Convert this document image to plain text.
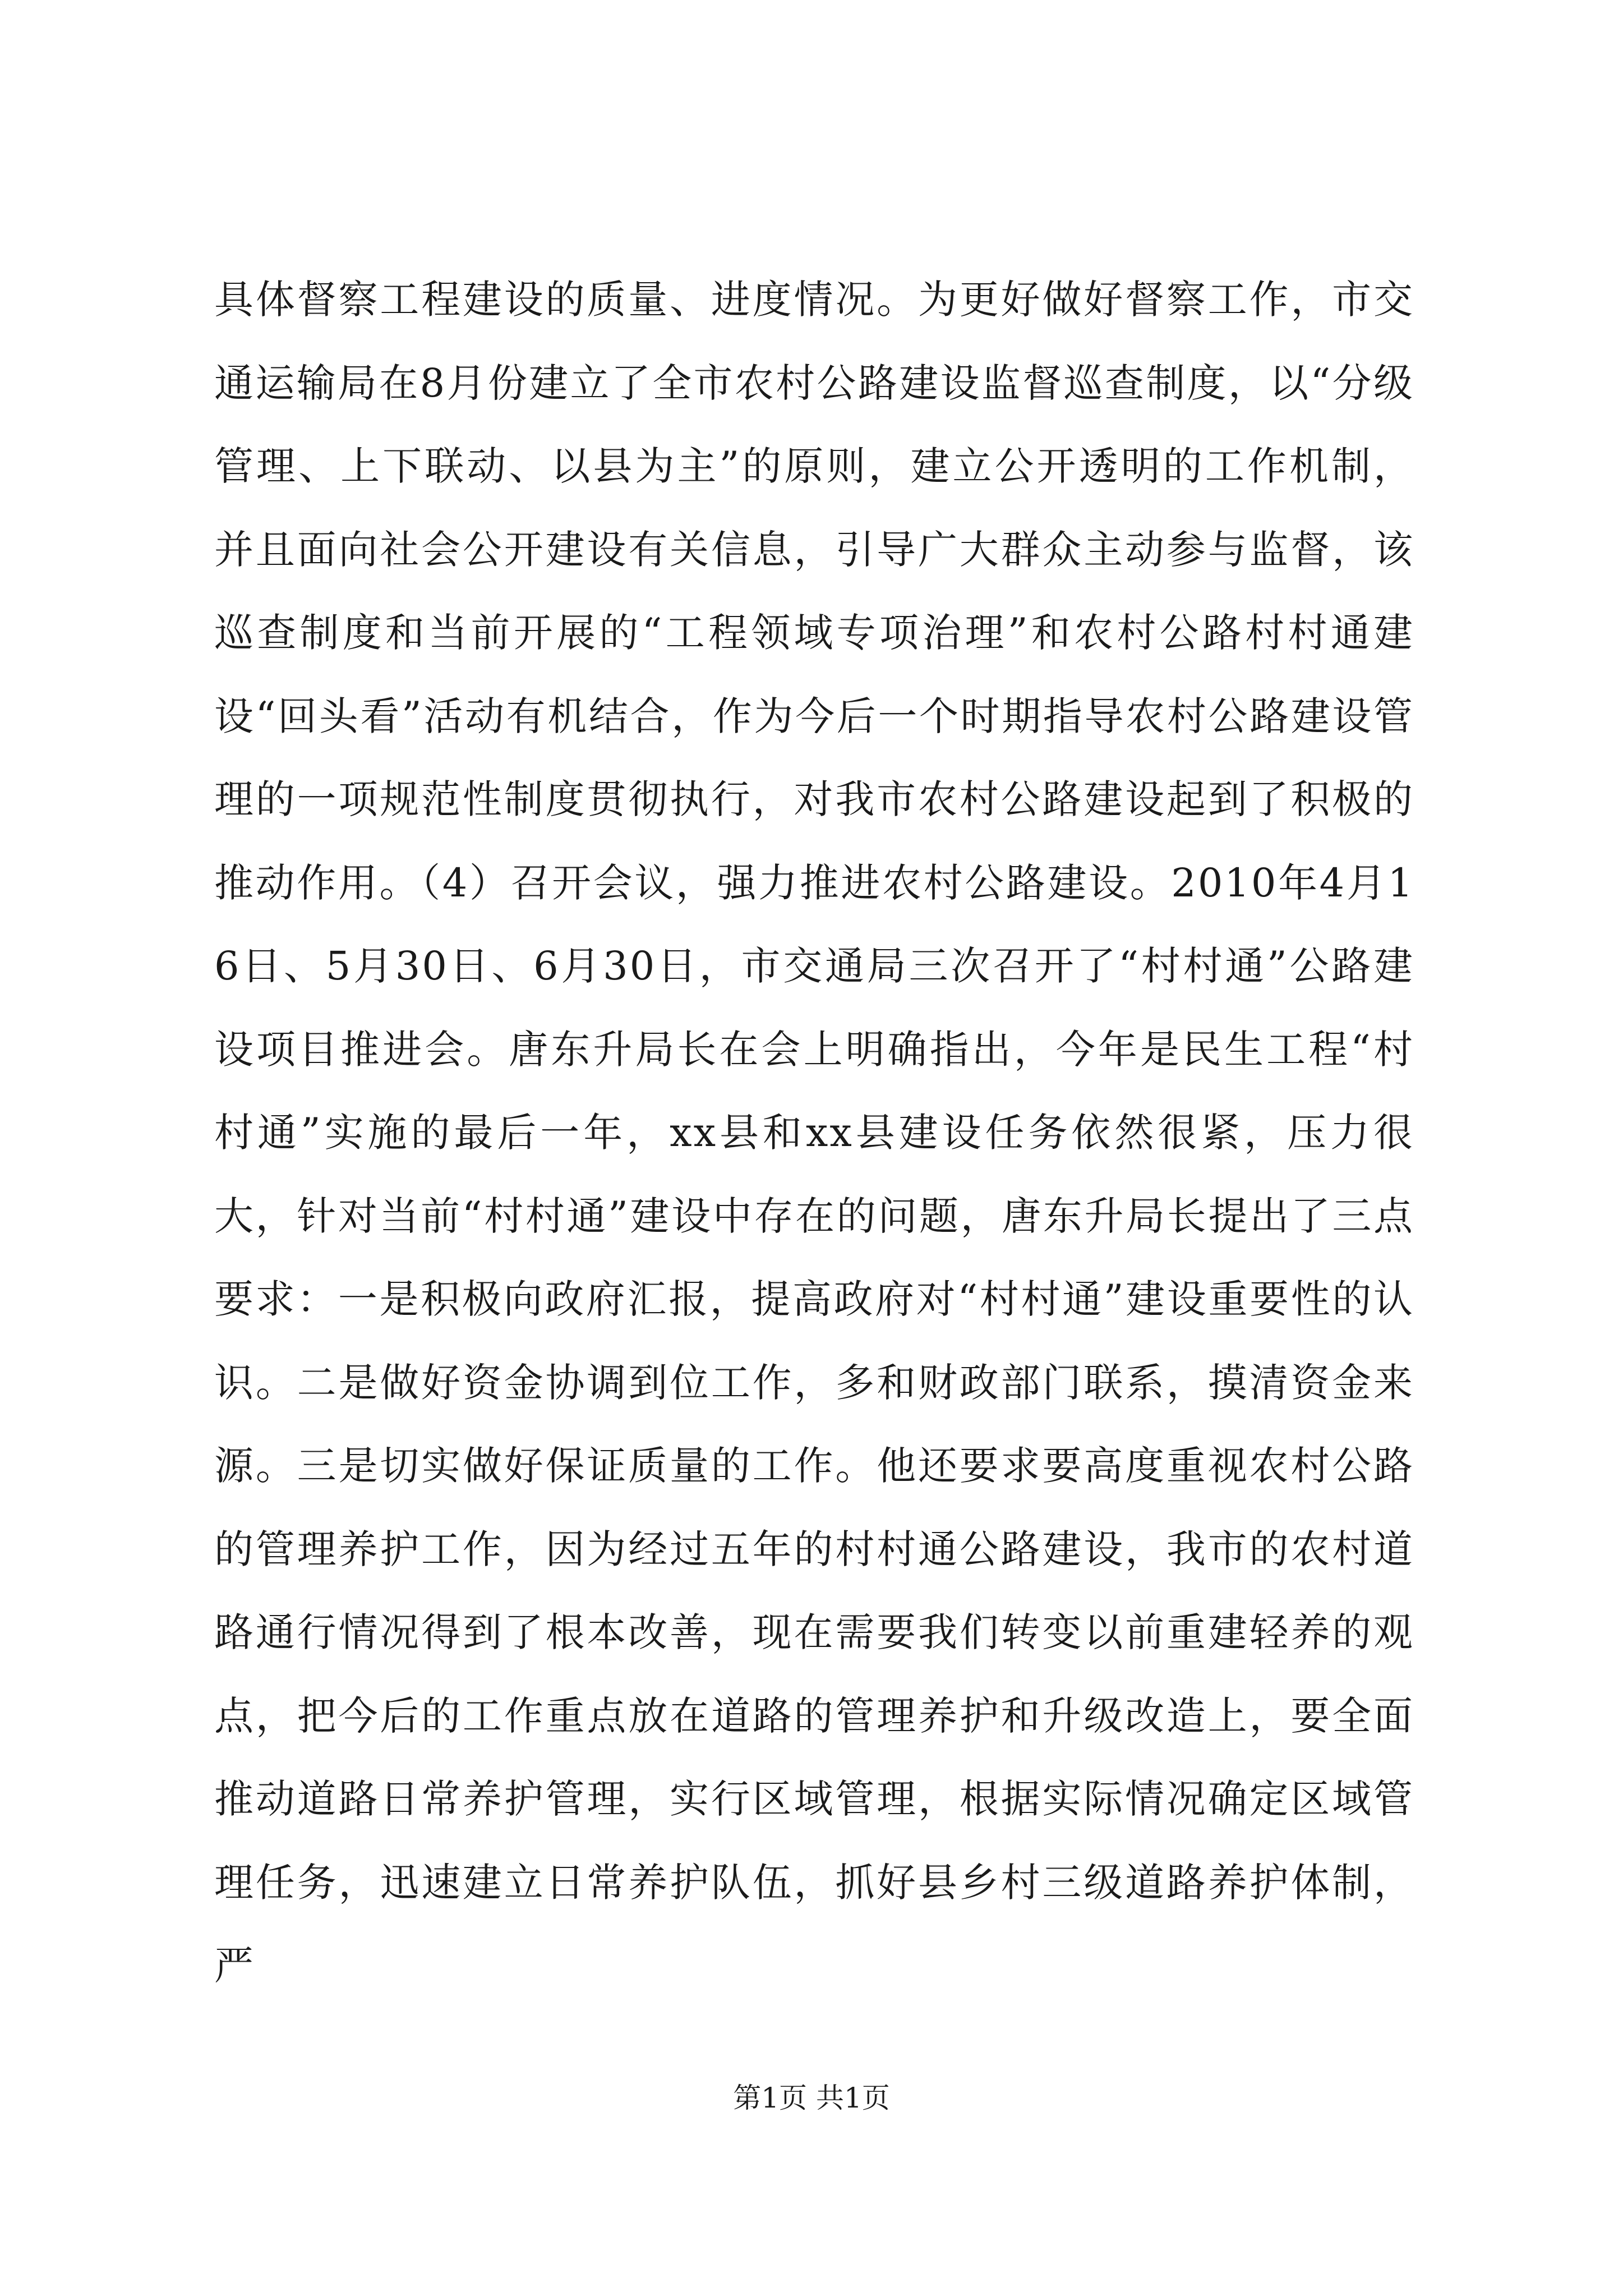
具体督察工程建设的质量、进度情况。为更好做好督察工作，市交通运输局在8月份建立了全市农村公路建设监督巡查制度，以“分级管理、上下联动、以县为主”的原则，建立公开透明的工作机制，并且面向社会公开建设有关信息，引导广大群众主动参与监督，该巡查制度和当前开展的“工程领域专项治理”和农村公路村村通建设“回头看”活动有机结合，作为今后一个时期指导农村公路建设管理的一项规范性制度贯彻执行，对我市农村公路建设起到了积极的推动作用。（4）召开会议，强力推进农村公路建设。2010年4月16日、5月30日、6月30日，市交通局三次召开了“村村通”公路建设项目推进会。唐东升局长在会上明确指出，今年是民生工程“村村通”实施的最后一年，xx县和xx县建设任务依然很紧，压力很大，针对当前“村村通”建设中存在的问题，唐东升局长提出了三点要求：一是积极向政府汇报，提高政府对“村村通”建设重要性的认识。二是做好资金协调到位工作，多和财政部门联系，摸清资金来源。三是切实做好保证质量的工作。他还要求要高度重视农村公路的管理养护工作，因为经过五年的村村通公路建设，我市的农村道路通行情况得到了根本改善，现在需要我们转变以前重建轻养的观点，把今后的工作重点放在道路的管理养护和升级改造上，要全面推动道路日常养护管理，实行区域管理，根据实际情况确定区域管理任务，迅速建立日常养护队伍，抓好县乡村三级道路养护体制，严

第1页 共1页
